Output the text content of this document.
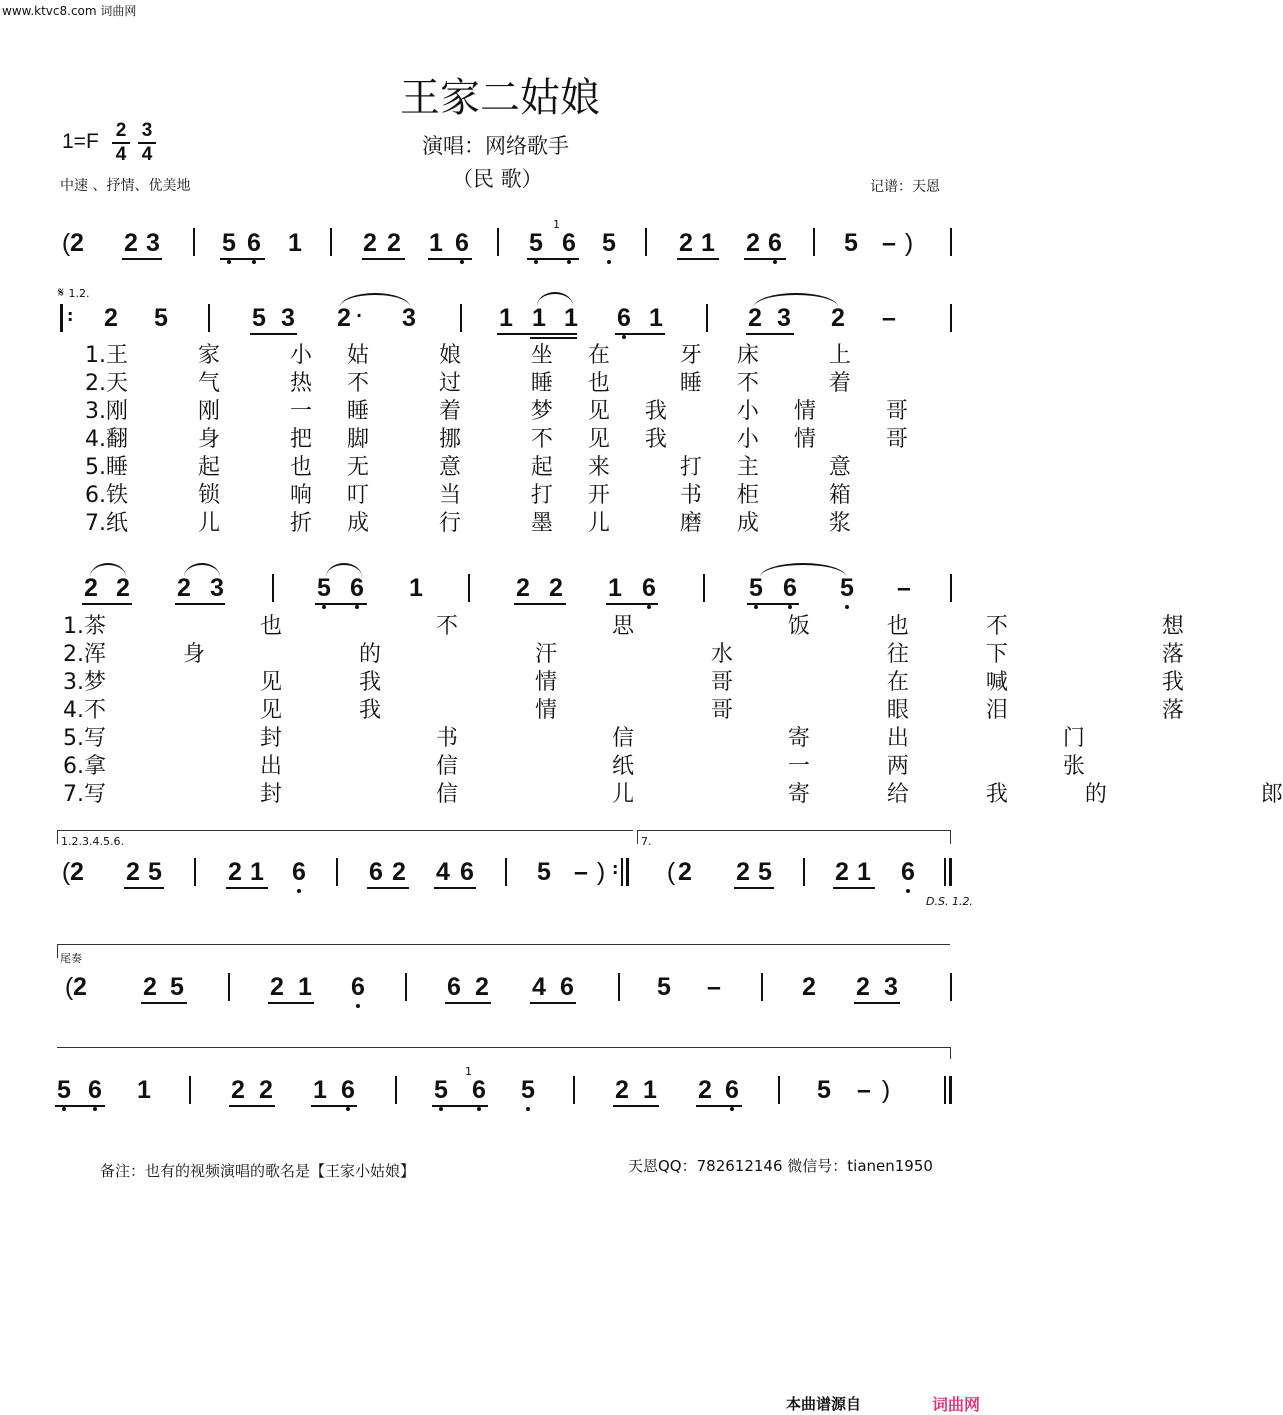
www.ktvc8.com 词曲网
王家二姑娘
1=F 2
4
3
4	演唱：网络歌手
（民 歌）
中速 、抒情、优美地	记谱：天恩
( 2 2 3 5 6 1 2 2 1 6 5
1
6 5	2 1 2 6 5 – )
𝄋 1.2.
: 2 5	5 3 2 · 3	1 1 1 6 1	2 3 2 –
1.王  家  小 姑  娘  坐 在  牙 床  上
2.天  气  热 不  过  睡 也  睡 不  着
3.刚  刚  一 睡  着  梦 见 我  小 情  哥
4.翻  身  把 脚  挪  不 见 我  小 情  哥
5.睡  起  也 无  意  起 来  打 主  意
6.铁  锁  响 叮  当  打 开  书 柜  箱
7.纸  儿  折 成  行  墨 儿  磨 成  浆
2 2 2 3	5 6 1	2 2 1 6	5 6 5 –
1.茶  也  不  思  饭 也 不  想
2.浑 身  的  汗  水  往 下  落
3.梦  见 我  情  哥  在 喊  我
4.不  见 我  情  哥  眼 泪  落
5.写  封  书  信  寄 出  门
6.拿  出  信  纸  一 两  张
7.写  封  信  儿  寄 给 我 的  郎
1.2.3.4.5.6.	7.
( 2 2 5	2 1 6	6 2 4 6	5 – ) : ( 2 2 5	2 1 6
D.S. 1.2.
尾奏
( 2 2 5	2 1 6	6 2 4 6	5 –	2 2 3
5 6 1	2 2 1 6	5
1
6 5	2 1 2 6	5 – )
备注：也有的视频演唱的歌名是【王家小姑娘】	天恩QQ：782612146 微信号：tianen1950
本曲谱源自	词曲网
